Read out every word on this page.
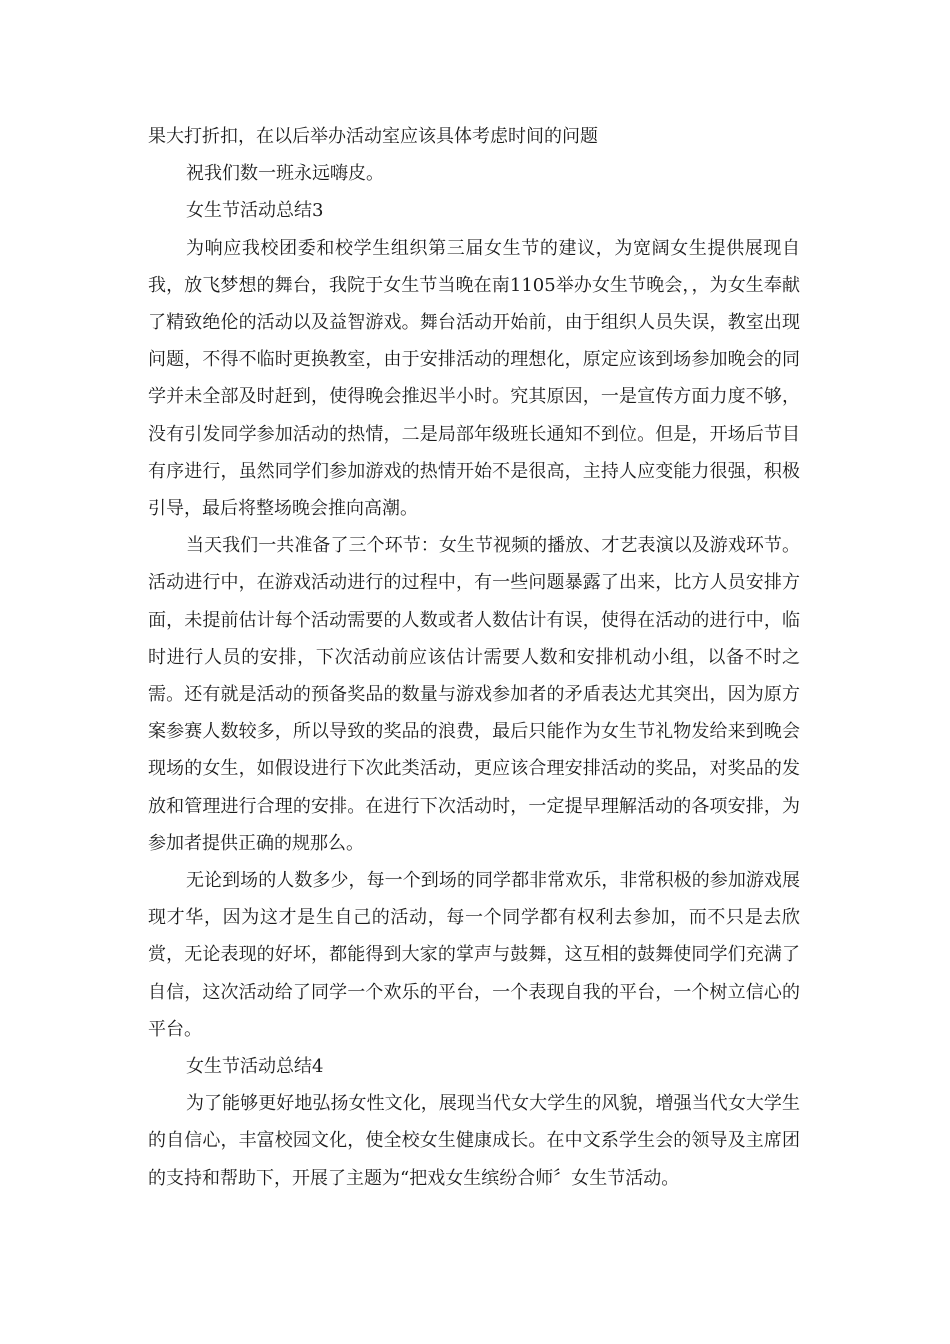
果大打折扣，在以后举办活动室应该具体考虑时间的问题

祝我们数一班永远嗨皮。

女生节活动总结3

为响应我校团委和校学生组织第三届女生节的建议，为宽阔女生提供展现自我，放飞梦想的舞台，我院于女生节当晚在南1105举办女生节晚会，，为女生奉献了精致绝伦的活动以及益智游戏。舞台活动开始前，由于组织人员失误，教室出现问题，不得不临时更换教室，由于安排活动的理想化，原定应该到场参加晚会的同学并未全部及时赶到，使得晚会推迟半小时。究其原因，一是宣传方面力度不够，没有引发同学参加活动的热情，二是局部年级班长通知不到位。但是，开场后节目有序进行，虽然同学们参加游戏的热情开始不是很高，主持人应变能力很强，积极引导，最后将整场晚会推向高潮。

当天我们一共准备了三个环节：女生节视频的播放、才艺表演以及游戏环节。活动进行中，在游戏活动进行的过程中，有一些问题暴露了出来，比方人员安排方面，未提前估计每个活动需要的人数或者人数估计有误，使得在活动的进行中，临时进行人员的安排，下次活动前应该估计需要人数和安排机动小组，以备不时之需。还有就是活动的预备奖品的数量与游戏参加者的矛盾表达尤其突出，因为原方案参赛人数较多，所以导致的奖品的浪费，最后只能作为女生节礼物发给来到晚会现场的女生，如假设进行下次此类活动，更应该合理安排活动的奖品，对奖品的发放和管理进行合理的安排。在进行下次活动时，一定提早理解活动的各项安排，为参加者提供正确的规那么。

无论到场的人数多少，每一个到场的同学都非常欢乐，非常积极的参加游戏展现才华，因为这才是生自己的活动，每一个同学都有权利去参加，而不只是去欣赏，无论表现的好坏，都能得到大家的掌声与鼓舞，这互相的鼓舞使同学们充满了自信，这次活动给了同学一个欢乐的平台，一个表现自我的平台，一个树立信心的平台。

女生节活动总结4

为了能够更好地弘扬女性文化，展现当代女大学生的风貌，增强当代女大学生的自信心，丰富校园文化，使全校女生健康成长。在中文系学生会的领导及主席团的支持和帮助下，开展了主题为“把戏女生缤纷合师〞女生节活动。
